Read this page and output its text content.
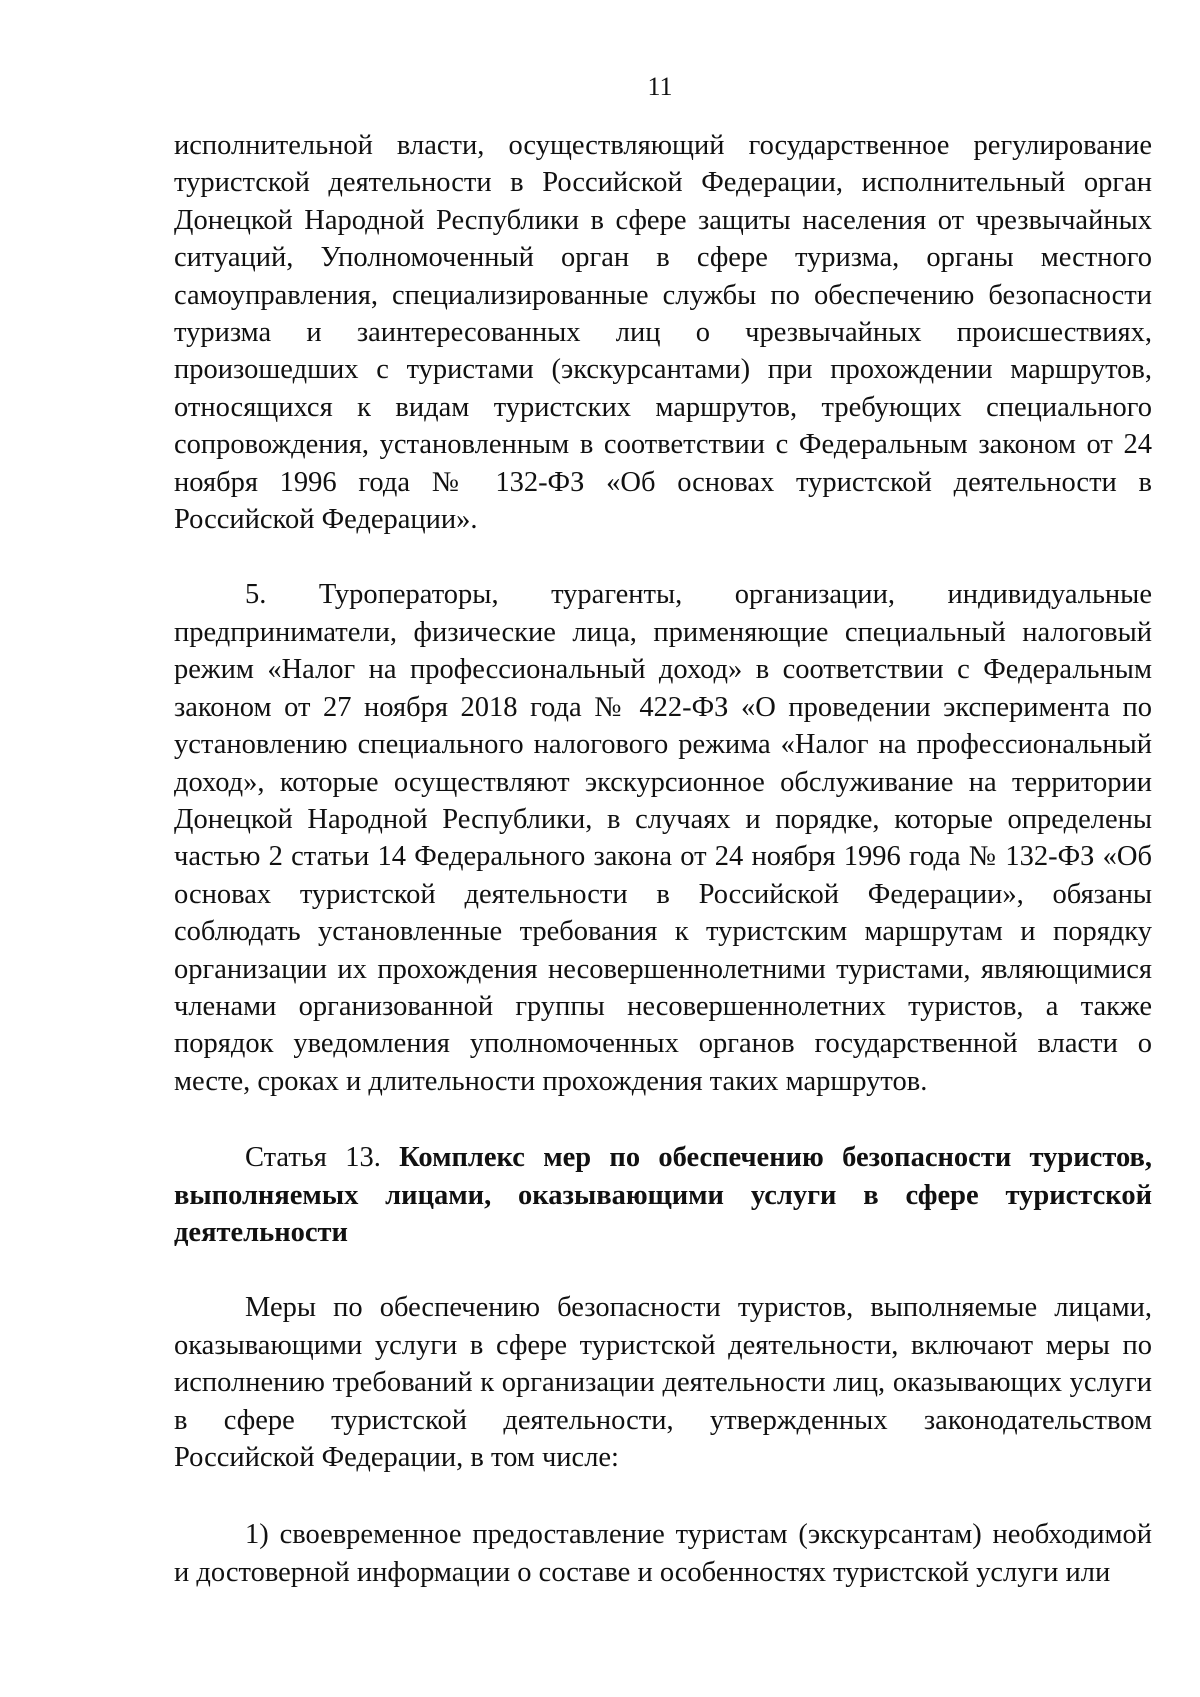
11

исполнительной власти, осуществляющий государственное регулирование туристской деятельности в Российской Федерации, исполнительный орган Донецкой Народной Республики в сфере защиты населения от чрезвычайных ситуаций, Уполномоченный орган в сфере туризма, органы местного самоуправления, специализированные службы по обеспечению безопасности туризма и заинтересованных лиц о чрезвычайных происшествиях, произошедших с туристами (экскурсантами) при прохождении маршрутов, относящихся к видам туристских маршрутов, требующих специального сопровождения, установленным в соответствии с Федеральным законом от 24 ноября 1996 года № 132-ФЗ «Об основах туристской деятельности в Российской Федерации».

5. Туроператоры, турагенты, организации, индивидуальные предприниматели, физические лица, применяющие специальный налоговый режим «Налог на профессиональный доход» в соответствии с Федеральным законом от 27 ноября 2018 года № 422-ФЗ «О проведении эксперимента по установлению специального налогового режима «Налог на профессиональный доход», которые осуществляют экскурсионное обслуживание на территории Донецкой Народной Республики, в случаях и порядке, которые определены частью 2 статьи 14 Федерального закона от 24 ноября 1996 года № 132-ФЗ «Об основах туристской деятельности в Российской Федерации», обязаны соблюдать установленные требования к туристским маршрутам и порядку организации их прохождения несовершеннолетними туристами, являющимися членами организованной группы несовершеннолетних туристов, а также порядок уведомления уполномоченных органов государственной власти о месте, сроках и длительности прохождения таких маршрутов.

Статья 13. Комплекс мер по обеспечению безопасности туристов, выполняемых лицами, оказывающими услуги в сфере туристской деятельности

Меры по обеспечению безопасности туристов, выполняемые лицами, оказывающими услуги в сфере туристской деятельности, включают меры по исполнению требований к организации деятельности лиц, оказывающих услуги в сфере туристской деятельности, утвержденных законодательством Российской Федерации, в том числе:

1) своевременное предоставление туристам (экскурсантам) необходимой и достоверной информации о составе и особенностях туристской услуги или
